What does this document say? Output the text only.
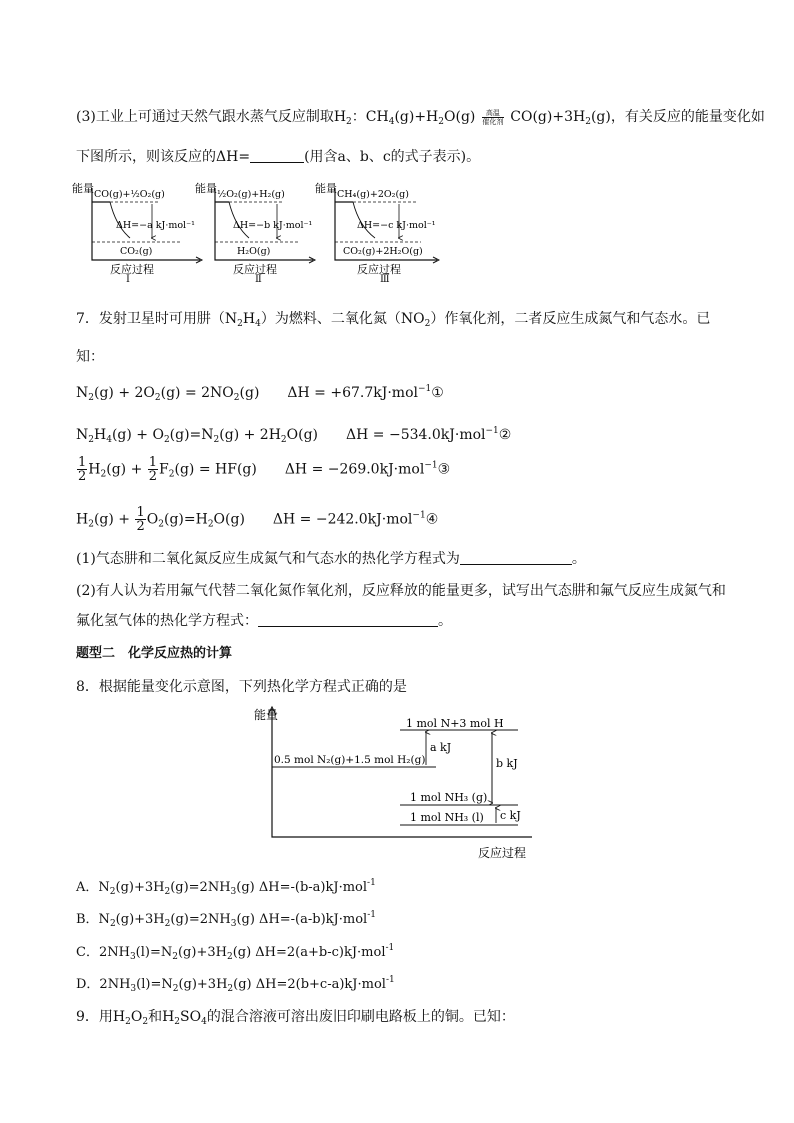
(3)工业上可通过天然气跟水蒸气反应制取$H_2$：$CH_4(g)+H_2O(g)$	高温
催化剂 $CO(g)+3H_2(g)$，有关反应的能量变化如
下图所示，则该反应的ΔH=	(用含a、b、c的式子表示)。
能量 CO(g)+½O₂(g)
ΔH=−a kJ·mol⁻¹
CO₂(g)
反应过程
能量 ½O₂(g)+H₂(g)
ΔH=−b kJ·mol⁻¹
H₂O(g)
反应过程
能量 CH₄(g)+2O₂(g)
ΔH=−c kJ·mol⁻¹
CO₂(g)+2H₂O(g)
反应过程
Ⅰ	Ⅱ	Ⅲ
7．发射卫星时可用肼$(N_2H_4)$为燃料、二氧化氮$(NO_2)$作氧化剂，二者反应生成氮气和气态水。已
知：
$N_2(g) + 2O_2(g) = 2NO_2(g)$　　ΔH = +67.7kJ·mol$^{-1}$①
$N_2H_4(g) + O_2(g)=N_2(g) + 2H_2O(g)$　　ΔH = −534.0kJ·mol$^{-1}$②
$\frac{1}{2} H_2(g) + \frac{1}{2} F_2(g) = HF(g)$　　ΔH = −269.0kJ·mol$^{-1}$③
$H_2(g) + \frac{1}{2} O_2(g)=H_2O(g)$　　ΔH = −242.0kJ·mol$^{-1}$④
(1)气态肼和二氧化氮反应生成氮气和气态水的热化学方程式为	。
(2)有人认为若用氟气代替二氧化氮作氧化剂，反应释放的能量更多，试写出气态肼和氟气反应生成氮气和
氟化氢气体的热化学方程式：	。
题型二　化学反应热的计算
8．根据能量变化示意图，下列热化学方程式正确的是
能量
1 mol N+3 mol H
0.5 mol N₂(g)+1.5 mol H₂(g)
a kJ
b kJ
1 mol NH₃ (g)
1 mol NH₃ (l) c kJ
反应过程
A．$N_2(g)+3H_2(g)=2NH_3(g)$ ΔH=-(b-a)kJ·mol$^{-1}$
B．$N_2(g)+3H_2(g)=2NH_3(g)$ ΔH=-(a-b)kJ·mol$^{-1}$
C．$2NH_3(l)=N_2(g)+3H_2(g)$ ΔH=2(a+b-c)kJ·mol$^{-1}$
D．$2NH_3(l)=N_2(g)+3H_2(g)$ ΔH=2(b+c-a)kJ·mol$^{-1}$
9．用$H_2O_2$和$H_2SO_4$的混合溶液可溶出废旧印刷电路板上的铜。已知：
